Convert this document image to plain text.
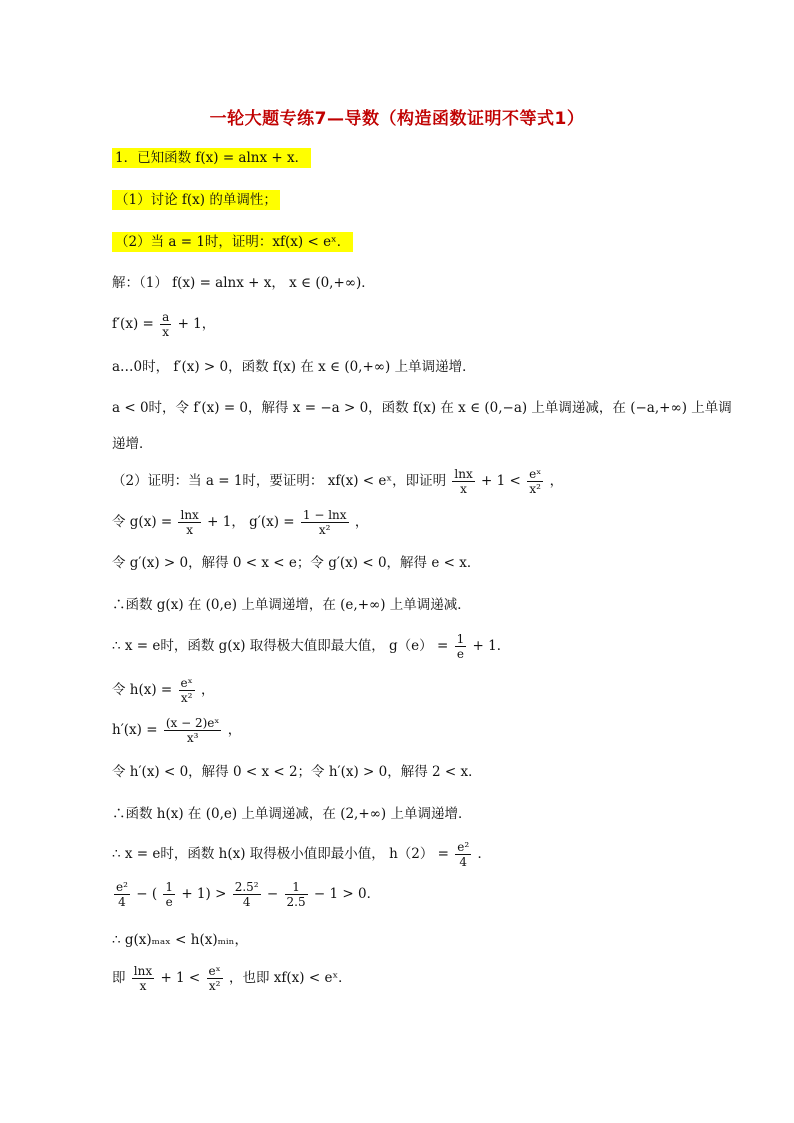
一轮大题专练7—导数（构造函数证明不等式1）
1．已知函数 f(x) = alnx + x．
（1）讨论 f(x) 的单调性；
（2）当 a = 1时，证明：xf(x) < eˣ．
解：（1） f(x) = alnx + x， x ∈ (0,+∞)．
$f'(x) = \frac{a}{x} + 1$，
a…0时， f′(x) > 0，函数 f(x) 在 x ∈ (0,+∞) 上单调递增．
a < 0时，令 f′(x) = 0，解得 x = −a > 0，函数 f(x) 在 x ∈ (0,−a) 上单调递减，在 (−a,+∞) 上单调
递增．
（2）证明：当 a = 1时，要证明： xf(x) < eˣ，即证明 $\frac{\ln x}{x} + 1 < \frac{\text{eˣ}}{\text{x²}}$ ，
令 $g(x) = \frac{\ln x}{x} + 1$， $g'(x) = \frac{1 - \ln x}{\text{x²}}$ ，
令 g′(x) > 0，解得 0 < x < e；令 g′(x) < 0，解得 e < x．
∴函数 g(x) 在 (0,e) 上单调递增，在 (e,+∞) 上单调递减．
∴ x = e时，函数 g(x) 取得极大值即最大值， $g(e) = \frac{1}{e} + 1$．
令 $h(x) = \frac{\text{eˣ}}{\text{x²}}$ ，
$h'(x) = \frac{\text{(x − 2)eˣ}}{\text{x³}}$ ，
令 h′(x) < 0，解得 0 < x < 2；令 h′(x) > 0，解得 2 < x．
∴函数 h(x) 在 (0,e) 上单调递减，在 (2,+∞) 上单调递增．
∴ x = e时，函数 h(x) 取得极小值即最小值， $h(2) = \frac{\text{e²}}{4}$ ．
$\frac{\text{e²}}{4}$ − ( $\frac{1}{e} + 1) > \frac{\text{2.5²}}{4} - \frac{1}{2.5} - 1 > 0$．
∴ g(x)ₘₐₓ < h(x)ₘᵢₙ，
即 $\frac{\ln x}{x} + 1 < \frac{\text{eˣ}}{\text{x²}}$ ，也即 xf(x) < eˣ．
